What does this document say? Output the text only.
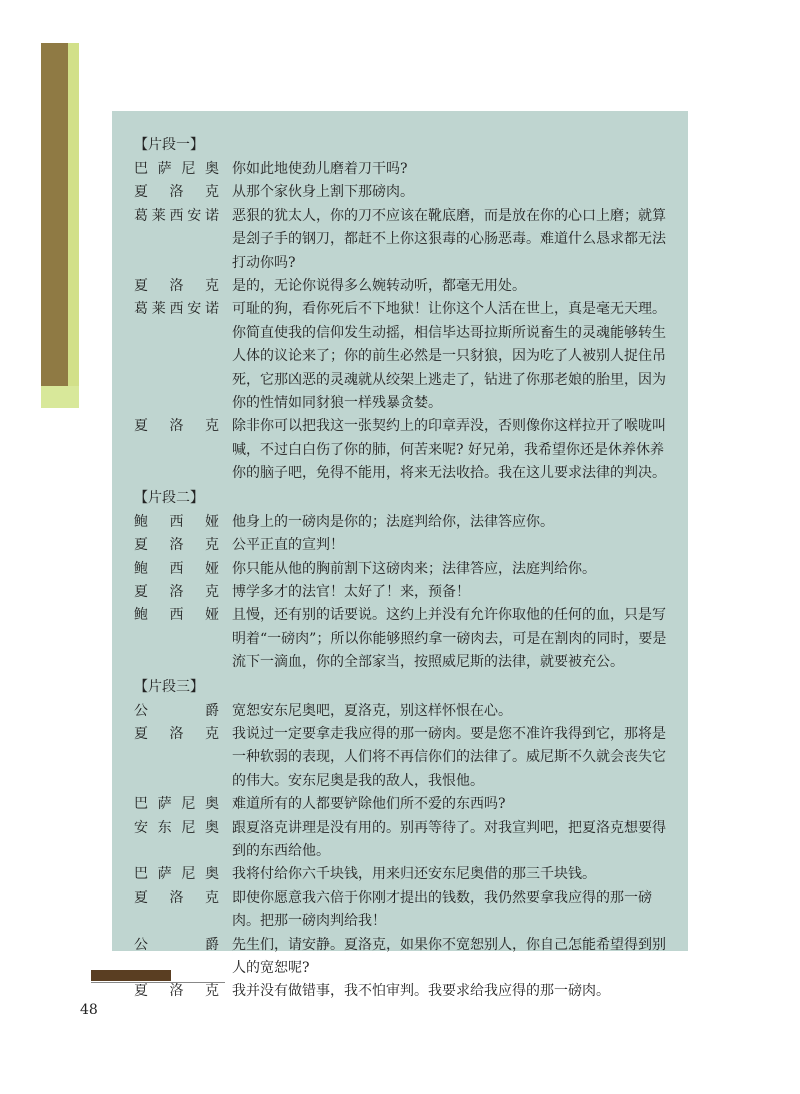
【片段一】
巴萨尼奥 你如此地使劲儿磨着刀干吗?
夏洛克 从那个家伙身上割下那磅肉。
葛莱西安诺 恶狠的犹太人，你的刀不应该在靴底磨，而是放在你的心口上磨；就算
是刽子手的钢刀，都赶不上你这狠毒的心肠恶毒。难道什么恳求都无法
打动你吗?
夏洛克 是的，无论你说得多么婉转动听，都毫无用处。
葛莱西安诺 可耻的狗，看你死后不下地狱！让你这个人活在世上，真是毫无天理。
你简直使我的信仰发生动摇，相信毕达哥拉斯所说畜生的灵魂能够转生
人体的议论来了；你的前生必然是一只豺狼，因为吃了人被别人捉住吊
死，它那凶恶的灵魂就从绞架上逃走了，钻进了你那老娘的胎里，因为
你的性情如同豺狼一样残暴贪婪。
夏洛克 除非你可以把我这一张契约上的印章弄没，否则像你这样拉开了喉咙叫
喊，不过白白伤了你的肺，何苦来呢? 好兄弟，我希望你还是休养休养
你的脑子吧，免得不能用，将来无法收拾。我在这儿要求法律的判决。
【片段二】
鲍西娅 他身上的一磅肉是你的；法庭判给你，法律答应你。
夏洛克 公平正直的宣判！
鲍西娅 你只能从他的胸前割下这磅肉来；法律答应，法庭判给你。
夏洛克 博学多才的法官！太好了！来，预备！
鲍西娅 且慢，还有别的话要说。这约上并没有允许你取他的任何的血，只是写
明着“一磅肉”；所以你能够照约拿一磅肉去，可是在割肉的同时，要是
流下一滴血，你的全部家当，按照威尼斯的法律，就要被充公。
【片段三】
公爵 宽恕安东尼奥吧，夏洛克，别这样怀恨在心。
夏洛克 我说过一定要拿走我应得的那一磅肉。要是您不准许我得到它，那将是
一种软弱的表现，人们将不再信你们的法律了。威尼斯不久就会丧失它
的伟大。安东尼奥是我的敌人，我恨他。
巴萨尼奥 难道所有的人都要铲除他们所不爱的东西吗?
安东尼奥 跟夏洛克讲理是没有用的。别再等待了。对我宣判吧，把夏洛克想要得
到的东西给他。
巴萨尼奥 我将付给你六千块钱，用来归还安东尼奥借的那三千块钱。
夏洛克 即使你愿意我六倍于你刚才提出的钱数，我仍然要拿我应得的那一磅
肉。把那一磅肉判给我！
公爵 先生们，请安静。夏洛克，如果你不宽恕别人，你自己怎能希望得到别
人的宽恕呢?
夏洛克 我并没有做错事，我不怕审判。我要求给我应得的那一磅肉。
48
